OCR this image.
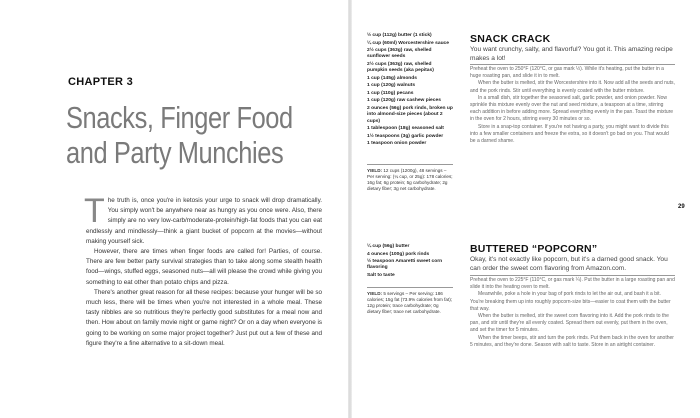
CHAPTER 3
Snacks, Finger Food
and Party Munchies

The truth is, once you're in ketosis your urge to snack will drop dramatically. You simply won't be anywhere near as hungry as you once were. Also, there simply are no very low-carb/moderate-protein/high-fat foods that you can eat endlessly and mindlessly—think a giant bucket of popcorn at the movies—without making yourself sick.

However, there are times when finger foods are called for! Parties, of course. There are few better party survival strategies than to take along some stealth health food—wings, stuffed eggs, seasoned nuts—all will please the crowd while giving you something to eat other than potato chips and pizza.

There's another great reason for all these recipes: because your hunger will be so much less, there will be times when you're not interested in a whole meal. These tasty nibbles are so nutritious they're perfectly good substitutes for a meal now and then. How about on family movie night or game night? Or on a day when everyone is going to be working on some major project together? Just put out a few of these and figure they're a fine alternative to a sit-down meal.

½ cup (112g) butter (1 stick)
¼ cup (60ml) Worcestershire sauce
2½ cups (363g) raw, shelled sunflower seeds
2½ cups (363g) raw, shelled pumpkin seeds (aka pepitas)
1 cup (145g) almonds
1 cup (120g) walnuts
1 cup (110g) pecans
1 cup (120g) raw cashew pieces
2 ounces (56g) pork rinds, broken up into almond-size pieces (about 2 cups)
1 tablespoon (18g) seasoned salt
1½ teaspoons (3g) garlic powder
1 teaspoon onion powder
YIELD: 12 cups (1200g), 48 servings – Per serving: (¼ cup, or 25g): 178 calories; 16g fat; 6g protein; 5g carbohydrate; 2g dietary fiber; 3g net carbohydrate.
SNACK CRACK
You want crunchy, salty, and flavorful? You got it. This amazing recipe makes a lot!

Preheat the oven to 250°F (120°C, or gas mark ½). While it's heating, put the butter in a huge roasting pan, and slide it in to melt.

When the butter is melted, stir the Worcestershire into it. Now add all the seeds and nuts, and the pork rinds. Stir until everything is evenly coated with the butter mixture.

In a small dish, stir together the seasoned salt, garlic powder, and onion powder. Now sprinkle this mixture evenly over the nut and seed mixture, a teaspoon at a time, stirring each addition in before adding more. Spread everything evenly in the pan. Toast the mixture in the oven for 2 hours, stirring every 30 minutes or so.

Store in a snap-top container. If you're not having a party, you might want to divide this into a few smaller containers and freeze the extra, so it doesn't go bad on you. That would be a darned shame.

29
¼ cup (56g) butter
4 ounces (100g) pork rinds
½ teaspoon Amaretti sweet corn flavoring
Salt to taste
YIELD: 5 servings – Per serving: 186 calories; 15g fat (73.9% calories from fat); 12g protein; trace carbohydrate; 0g dietary fiber; trace net carbohydrate.
BUTTERED “POPCORN”
Okay, it's not exactly like popcorn, but it's a darned good snack. You can order the sweet corn flavoring from Amazon.com.

Preheat the oven to 225°F (110°C, or gas mark ¼). Put the butter in a large roasting pan and slide it into the heating oven to melt.

Meanwhile, poke a hole in your bag of pork rinds to let the air out, and bash it a bit. You're breaking them up into roughly popcorn-size bits—easier to coat them with the butter that way.

When the butter is melted, stir the sweet corn flavoring into it. Add the pork rinds to the pan, and stir until they're all evenly coated. Spread them out evenly, put them in the oven, and set the timer for 5 minutes.

When the timer beeps, stir and turn the pork rinds. Put them back in the oven for another 5 minutes, and they're done. Season with salt to taste. Store in an airtight container.
